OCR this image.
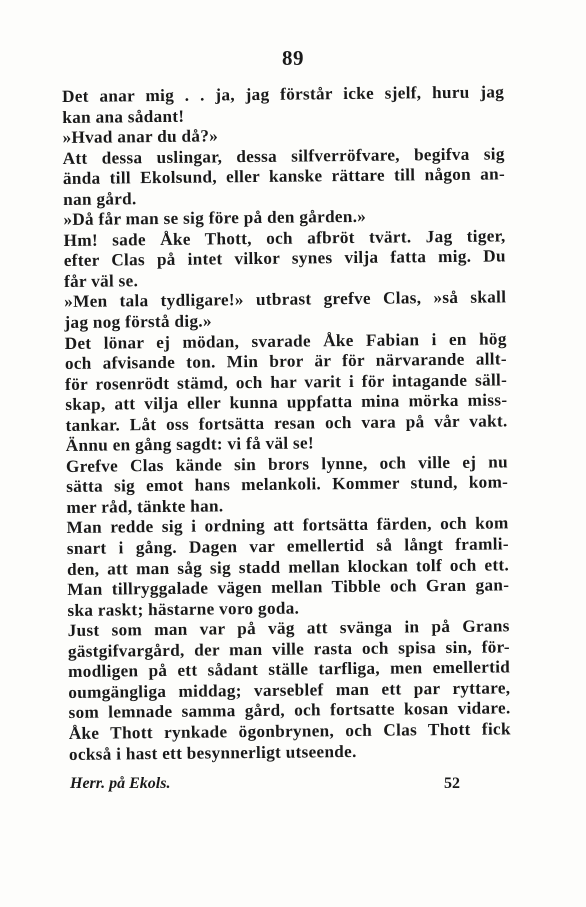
89
Det anar mig . . ja, jag förstår icke sjelf, huru jag
kan ana sådant!
»Hvad anar du då?»
Att dessa uslingar, dessa silfverröfvare, begifva sig
ända till Ekolsund, eller kanske rättare till någon an-
nan gård.
»Då får man se sig före på den gården.»
Hm! sade Åke Thott, och afbröt tvärt. Jag tiger,
efter Clas på intet vilkor synes vilja fatta mig. Du
får väl se.
»Men tala tydligare!» utbrast grefve Clas, »så skall
jag nog förstå dig.»
Det lönar ej mödan, svarade Åke Fabian i en hög
och afvisande ton. Min bror är för närvarande allt-
för rosenrödt stämd, och har varit i för intagande säll-
skap, att vilja eller kunna uppfatta mina mörka miss-
tankar. Låt oss fortsätta resan och vara på vår vakt.
Ännu en gång sagdt: vi få väl se!
Grefve Clas kände sin brors lynne, och ville ej nu
sätta sig emot hans melankoli. Kommer stund, kom-
mer råd, tänkte han.
Man redde sig i ordning att fortsätta färden, och kom
snart i gång. Dagen var emellertid så långt framli-
den, att man såg sig stadd mellan klockan tolf och ett.
Man tillryggalade vägen mellan Tibble och Gran gan-
ska raskt; hästarne voro goda.
Just som man var på väg att svänga in på Grans
gästgifvargård, der man ville rasta och spisa sin, för-
modligen på ett sådant ställe tarfliga, men emellertid
oumgängliga middag; varseblef man ett par ryttare,
som lemnade samma gård, och fortsatte kosan vidare.
Åke Thott rynkade ögonbrynen, och Clas Thott fick
också i hast ett besynnerligt utseende.
Herr. på Ekols.	52
